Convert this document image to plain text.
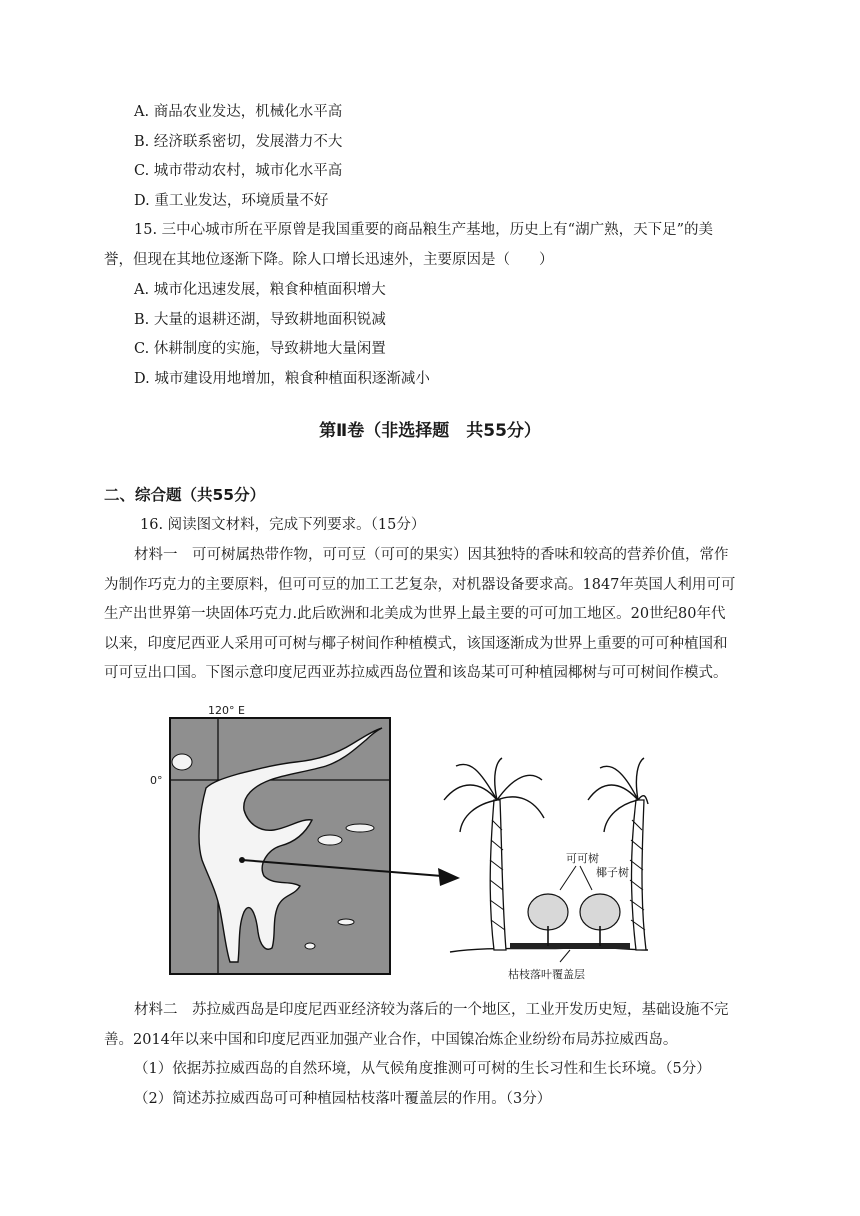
A. 商品农业发达，机械化水平高
B. 经济联系密切，发展潜力不大
C. 城市带动农村，城市化水平高
D. 重工业发达，环境质量不好
15. 三中心城市所在平原曾是我国重要的商品粮生产基地，历史上有“湖广熟，天下足”的美
誉，但现在其地位逐渐下降。除人口增长迅速外，主要原因是（　　）
A. 城市化迅速发展，粮食种植面积增大
B. 大量的退耕还湖，导致耕地面积锐减
C. 休耕制度的实施，导致耕地大量闲置
D. 城市建设用地增加，粮食种植面积逐渐减小
第Ⅱ卷（非选择题　共55分）
二、综合题（共55分）
16. 阅读图文材料，完成下列要求。（15分）
材料一　可可树属热带作物，可可豆（可可的果实）因其独特的香味和较高的营养价值，常作
为制作巧克力的主要原料，但可可豆的加工工艺复杂，对机器设备要求高。1847年英国人利用可可
生产出世界第一块固体巧克力.此后欧洲和北美成为世界上最主要的可可加工地区。20世纪80年代
以来，印度尼西亚人采用可可树与椰子树间作种植模式，该国逐渐成为世界上重要的可可种植国和
可可豆出口国。下图示意印度尼西亚苏拉威西岛位置和该岛某可可种植园椰树与可可树间作模式。
120° E
0°
可可树
椰子树
枯枝落叶覆盖层
材料二　苏拉威西岛是印度尼西亚经济较为落后的一个地区，工业开发历史短，基础设施不完
善。2014年以来中国和印度尼西亚加强产业合作，中国镍冶炼企业纷纷布局苏拉威西岛。
（1）依据苏拉威西岛的自然环境，从气候角度推测可可树的生长习性和生长环境。（5分）
（2）简述苏拉威西岛可可种植园枯枝落叶覆盖层的作用。（3分）
